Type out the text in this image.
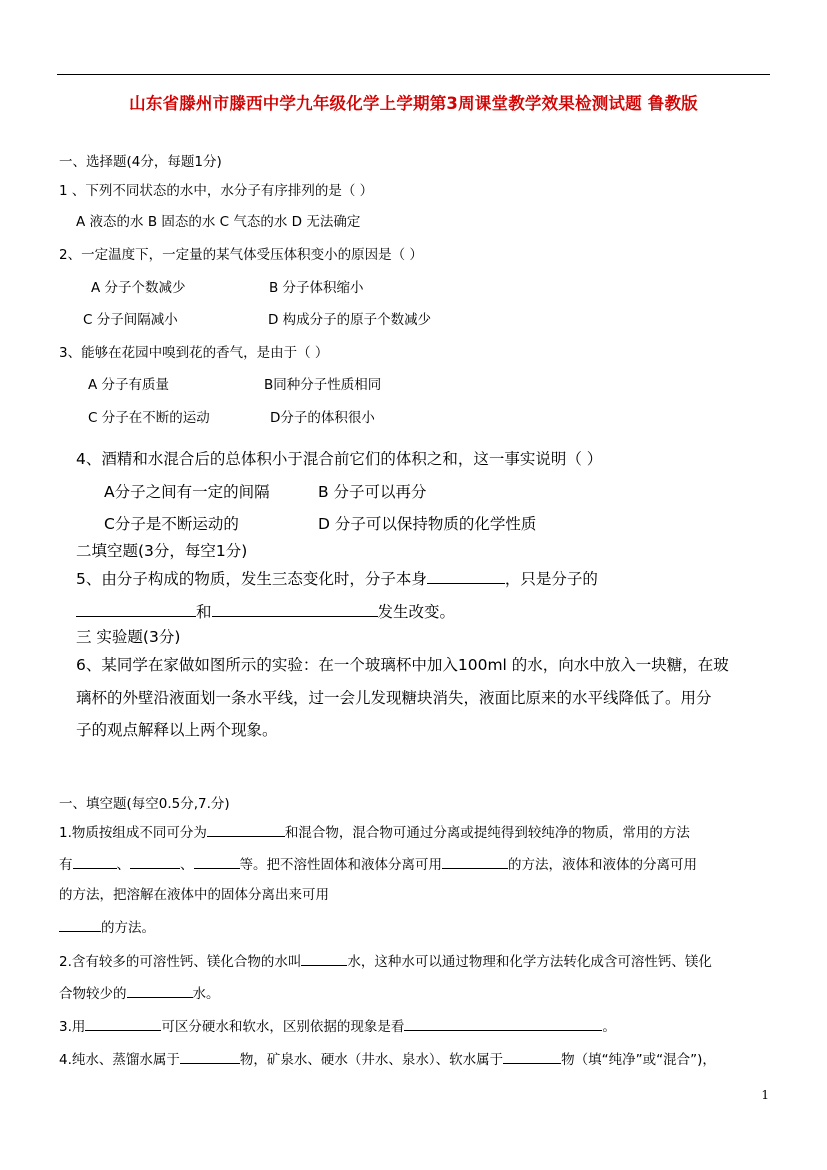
山东省滕州市滕西中学九年级化学上学期第3周课堂教学效果检测试题 鲁教版
一、选择题(4分，每题1分)
1 、下列不同状态的水中，水分子有序排列的是（ ）
A 液态的水 B 固态的水 C 气态的水 D 无法确定
2、一定温度下，一定量的某气体受压体积变小的原因是（ ）
A 分子个数减少	B 分子体积缩小
C 分子间隔减小	D 构成分子的原子个数减少
3、能够在花园中嗅到花的香气，是由于（ ）
A 分子有质量	B同种分子性质相同
C 分子在不断的运动	D分子的体积很小
4、酒精和水混合后的总体积小于混合前它们的体积之和，这一事实说明（ ）
A分子之间有一定的间隔	B 分子可以再分
C分子是不断运动的	D 分子可以保持物质的化学性质
二填空题(3分，每空1分)
5、由分子构成的物质，发生三态变化时，分子本身	，只是分子的
和	发生改变。
三 实验题(3分)
6、某同学在家做如图所示的实验：在一个玻璃杯中加入100ml 的水，向水中放入一块糖，在玻
璃杯的外壁沿液面划一条水平线，过一会儿发现糖块消失，液面比原来的水平线降低了。用分
子的观点解释以上两个现象。
一、填空题(每空0.5分,7.分)
1.物质按组成不同可分为	和混合物，混合物可通过分离或提纯得到较纯净的物质，常用的方法
有	、	、	等。把不溶性固体和液体分离可用	的方法，液体和液体的分离可用
的方法，把溶解在液体中的固体分离出来可用
的方法。
2.含有较多的可溶性钙、镁化合物的水叫	水，这种水可以通过物理和化学方法转化成含可溶性钙、镁化
合物较少的	水。
3.用	可区分硬水和软水，区别依据的现象是看	。
4.纯水、蒸馏水属于	物，矿泉水、硬水（井水、泉水）、软水属于	物（填“纯净”或“混合”)，
1
